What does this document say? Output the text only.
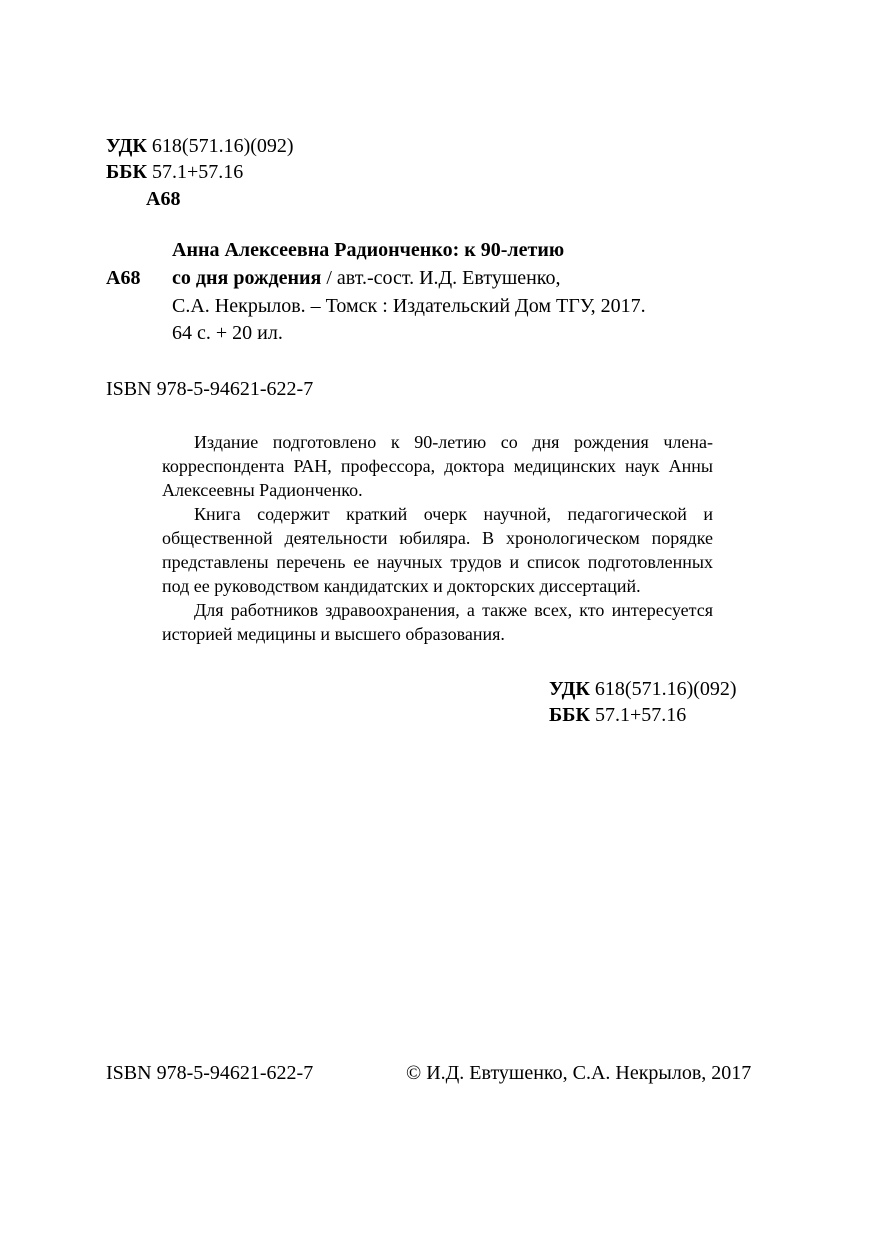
УДК 618(571.16)(092)
ББК 57.1+57.16
А68
Анна Алексеевна Радионченко: к 90-летию
А68 со дня рождения / авт.-сост. И.Д. Евтушенко,
С.А. Некрылов. – Томск : Издательский Дом ТГУ, 2017.
64 с. + 20 ил.
ISBN 978-5-94621-622-7

Издание подготовлено к 90-летию со дня рождения члена-корреспондента РАН, профессора, доктора медицинских наук Анны Алексеевны Радионченко.

Книга содержит краткий очерк научной, педагогической и общественной деятельности юбиляра. В хронологическом порядке представлены перечень ее научных трудов и список подготовленных под ее руководством кандидатских и докторских диссертаций.

Для работников здравоохранения, а также всех, кто интересуется историей медицины и высшего образования.

УДК 618(571.16)(092)
ББК 57.1+57.16
ISBN 978-5-94621-622-7	© И.Д. Евтушенко, С.А. Некрылов, 2017
